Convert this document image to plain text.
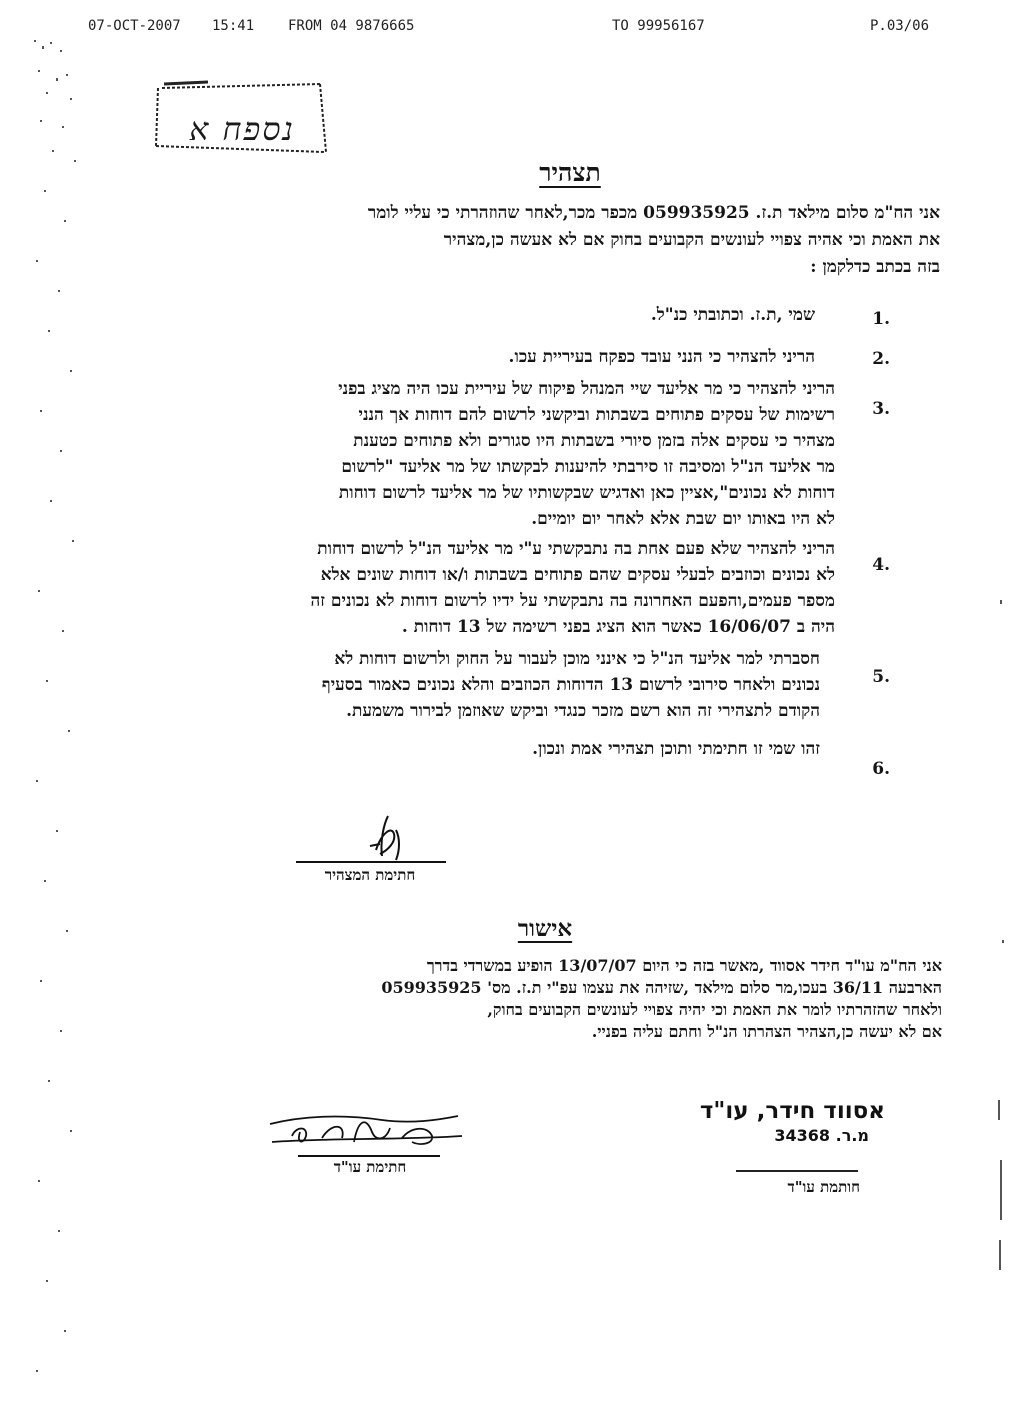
07-OCT-2007 15:41 FROM 04 9876665	TO 99956167	P.03/06
נספח א
תצהיר

אני הח"מ סלום מילאד ת.ז. 059935925 מכפר מכר,לאחר שהוזהרתי כי עליי לומר

את האמת וכי אהיה צפויי לעונשים הקבועים בחוק אם לא אעשה כן,מצהיר

בזה בכתב כדלקמן :

1.

שמי ,ת.ז. וכתובתי כנ"ל.

2.

הריני להצהיר כי הנני עובד כפקח בעיריית עכו.

3.

הריני להצהיר כי מר אליעד שיי המנהל פיקוח של עיריית עכו היה מציג בפני

רשימות של עסקים פתוחים בשבתות וביקשני לרשום להם דוחות אך הנני

מצהיר כי עסקים אלה בזמן סיורי בשבתות היו סגורים ולא פתוחים כטענת

מר אליעד הנ"ל ומסיבה זו סירבתי להיענות לבקשתו של מר אליעד "לרשום

דוחות לא נכונים",אציין כאן ואדגיש שבקשותיו של מר אליעד לרשום דוחות

לא היו באותו יום שבת אלא לאחר יום יומיים.

4.

הריני להצהיר שלא פעם אחת בה נתבקשתי ע"י מר אליעד הנ"ל לרשום דוחות

לא נכונים וכוזבים לבעלי עסקים שהם פתוחים בשבתות ו/או דוחות שונים אלא

מספר פעמים,והפעם האחרונה בה נתבקשתי על ידיו לרשום דוחות לא נכונים זה

היה ב 16/06/07 כאשר הוא הציג בפני רשימה של 13 דוחות .

5.

חסברתי למר אליעד הנ"ל כי אינני מוכן לעבור על החוק ולרשום דוחות לא

נכונים ולאחר סירובי לרשום 13 הדוחות הכוזבים והלא נכונים כאמור בסעיף

הקודם לתצהירי זה הוא רשם מזכר כנגדי וביקש שאוזמן לבירור משמעת.

6.

זהו שמי זו חתימתי ותוכן תצהירי אמת ונכון.

חתימת המצהיר
אישור

אני הח"מ עו"ד חידר אסווד ,מאשר בזה כי היום 13/07/07 הופיע במשרדי בדרך

הארבעה 36/11 בעכו,מר סלום מילאד ,שזיהה את עצמו עפ"י ת.ז. מס' 059935925

ולאחר שהזהרתיו לומר את האמת וכי יהיה צפויי לעונשים הקבועים בחוק,

אם לא יעשה כן,הצהיר הצהרתו הנ"ל וחתם עליה בפניי.

אסווד חידר, עו"ד
מ.ר. 34368
חותמת עו"ד
חתימת עו"ד
